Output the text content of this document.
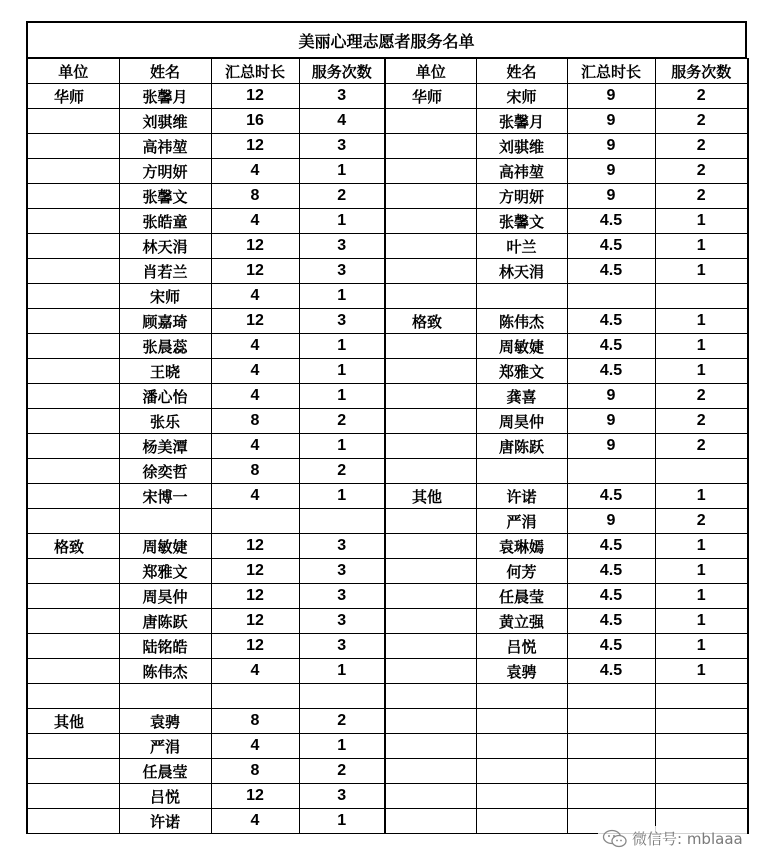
美丽心理志愿者服务名单
单位	姓名	汇总时长	服务次数	单位	姓名	汇总时长	服务次数
华师	张馨月	12	3	华师	宋师	9	2
	刘骐维	16	4		张馨月	9	2
	高祎堃	12	3		刘骐维	9	2
	方明妍	4	1		高祎堃	9	2
	张馨文	8	2		方明妍	9	2
	张皓童	4	1		张馨文	4.5	1
	林天涓	12	3		叶兰	4.5	1
	肖若兰	12	3		林天涓	4.5	1
	宋师	4	1				
	顾嘉琦	12	3	格致	陈伟杰	4.5	1
	张晨蕊	4	1		周敏婕	4.5	1
	王晓	4	1		郑雅文	4.5	1
	潘心怡	4	1		龚喜	9	2
	张乐	8	2		周昊仲	9	2
	杨美潭	4	1		唐陈跃	9	2
	徐奕哲	8	2				
	宋博一	4	1	其他	许诺	4.5	1
					严涓	9	2
格致	周敏婕	12	3		袁琳嫣	4.5	1
	郑雅文	12	3		何芳	4.5	1
	周昊仲	12	3		任晨莹	4.5	1
	唐陈跃	12	3		黄立强	4.5	1
	陆铭皓	12	3		吕悦	4.5	1
	陈伟杰	4	1		袁骋	4.5	1

其他	袁骋	8	2				
	严涓	4	1				
	任晨莹	8	2				
	吕悦	12	3				
	许诺	4	1				
微信号: mblaaa
